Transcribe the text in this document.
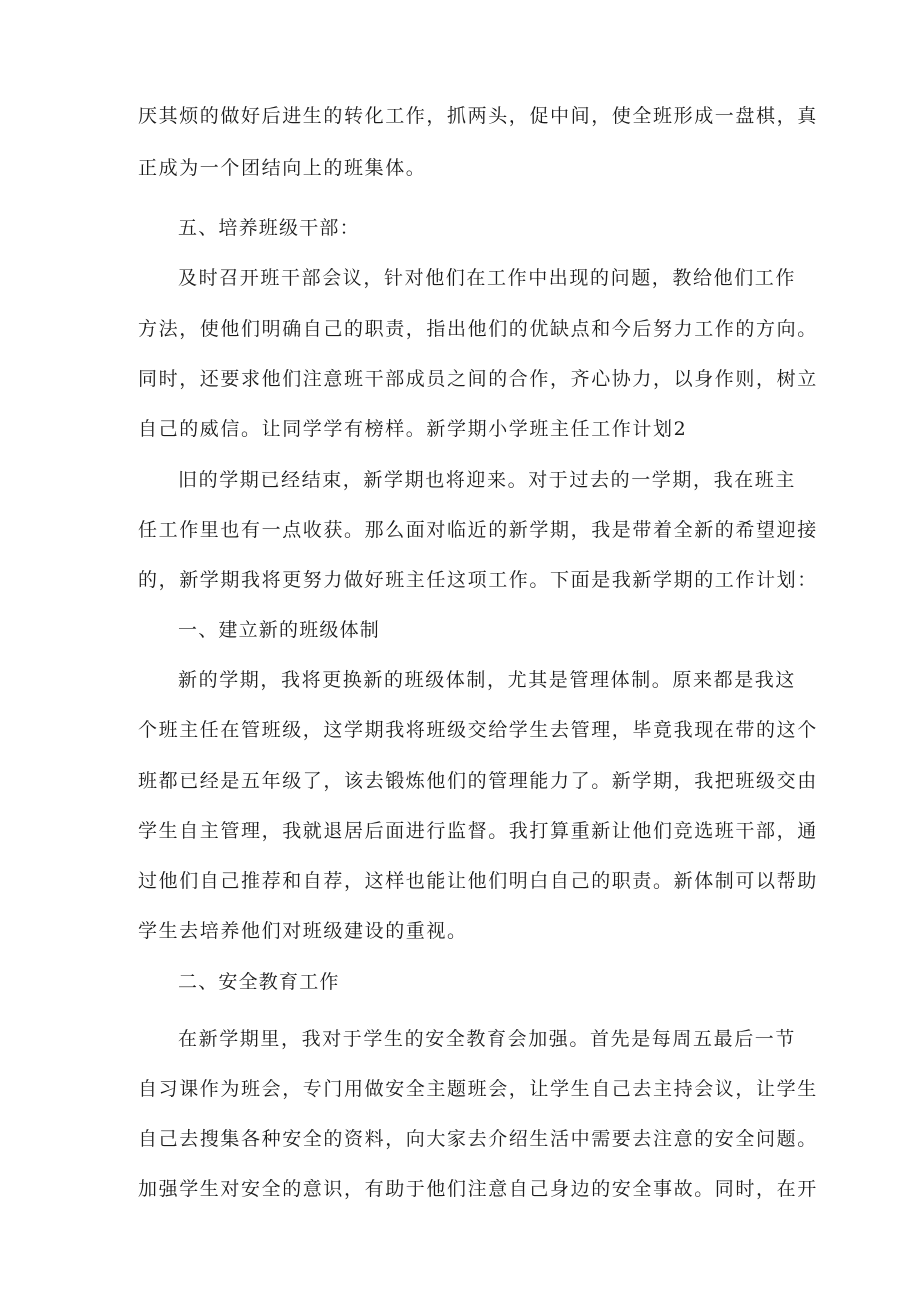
厌其烦的做好后进生的转化工作，抓两头，促中间，使全班形成一盘棋，真
正成为一个团结向上的班集体。
五、培养班级干部：
及时召开班干部会议，针对他们在工作中出现的问题，教给他们工作
方法，使他们明确自己的职责，指出他们的优缺点和今后努力工作的方向。
同时，还要求他们注意班干部成员之间的合作，齐心协力，以身作则，树立
自己的威信。让同学学有榜样。新学期小学班主任工作计划2
旧的学期已经结束，新学期也将迎来。对于过去的一学期，我在班主
任工作里也有一点收获。那么面对临近的新学期，我是带着全新的希望迎接
的，新学期我将更努力做好班主任这项工作。下面是我新学期的工作计划：
一、建立新的班级体制
新的学期，我将更换新的班级体制，尤其是管理体制。原来都是我这
个班主任在管班级，这学期我将班级交给学生去管理，毕竟我现在带的这个
班都已经是五年级了，该去锻炼他们的管理能力了。新学期，我把班级交由
学生自主管理，我就退居后面进行监督。我打算重新让他们竞选班干部，通
过他们自己推荐和自荐，这样也能让他们明白自己的职责。新体制可以帮助
学生去培养他们对班级建设的重视。
二、安全教育工作
在新学期里，我对于学生的安全教育会加强。首先是每周五最后一节
自习课作为班会，专门用做安全主题班会，让学生自己去主持会议，让学生
自己去搜集各种安全的资料，向大家去介绍生活中需要去注意的安全问题。
加强学生对安全的意识，有助于他们注意自己身边的安全事故。同时，在开
